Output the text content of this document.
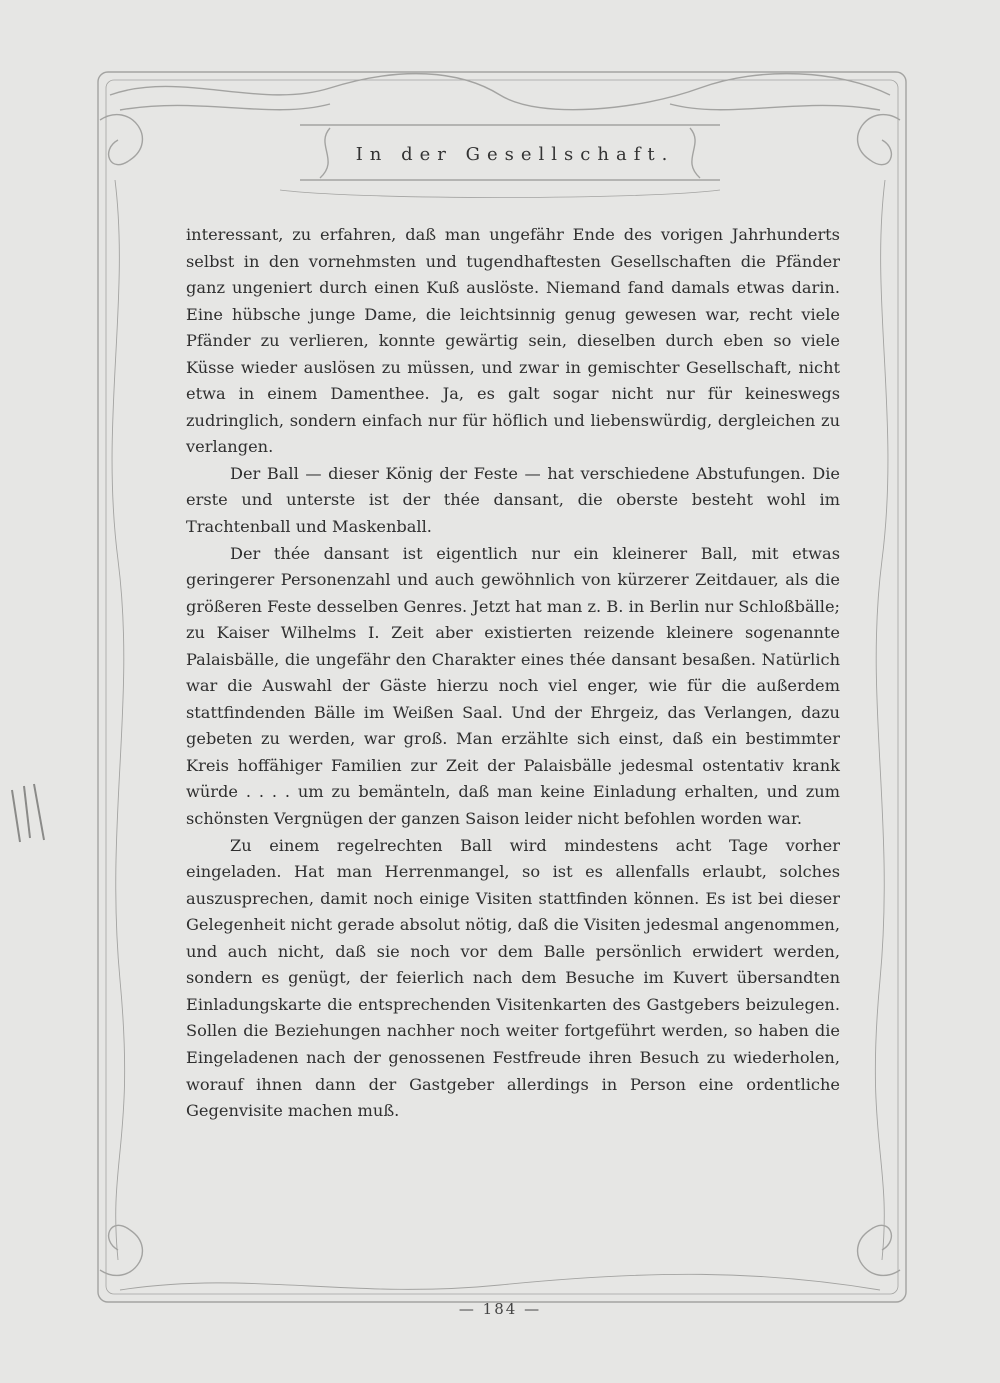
In der Gesellschaft.

interessant, zu erfahren, daß man ungefähr Ende des vorigen Jahrhunderts selbst in den vornehmsten und tugendhaftesten Gesellschaften die Pfänder ganz ungeniert durch einen Kuß auslöste. Niemand fand damals etwas darin. Eine hübsche junge Dame, die leichtsinnig genug gewesen war, recht viele Pfänder zu verlieren, konnte gewärtig sein, dieselben durch eben so viele Küsse wieder auslösen zu müssen, und zwar in gemischter Gesellschaft, nicht etwa in einem Damenthee. Ja, es galt sogar nicht nur für keineswegs zudringlich, sondern einfach nur für höflich und liebenswürdig, dergleichen zu verlangen.

Der Ball — dieser König der Feste — hat verschiedene Abstufungen. Die erste und unterste ist der thée dansant, die oberste besteht wohl im Trachtenball und Maskenball.

Der thée dansant ist eigentlich nur ein kleinerer Ball, mit etwas geringerer Personenzahl und auch gewöhnlich von kürzerer Zeitdauer, als die größeren Feste desselben Genres. Jetzt hat man z. B. in Berlin nur Schloßbälle; zu Kaiser Wilhelms I. Zeit aber existierten reizende kleinere sogenannte Palaisbälle, die ungefähr den Charakter eines thée dansant besaßen. Natürlich war die Auswahl der Gäste hierzu noch viel enger, wie für die außerdem stattfindenden Bälle im Weißen Saal. Und der Ehrgeiz, das Verlangen, dazu gebeten zu werden, war groß. Man erzählte sich einst, daß ein bestimmter Kreis hoffähiger Familien zur Zeit der Palaisbälle jedesmal ostentativ krank würde . . . . um zu bemänteln, daß man keine Einladung erhalten, und zum schönsten Vergnügen der ganzen Saison leider nicht befohlen worden war.

Zu einem regelrechten Ball wird mindestens acht Tage vorher eingeladen. Hat man Herrenmangel, so ist es allenfalls erlaubt, solches auszusprechen, damit noch einige Visiten stattfinden können. Es ist bei dieser Gelegenheit nicht gerade absolut nötig, daß die Visiten jedesmal angenommen, und auch nicht, daß sie noch vor dem Balle persönlich erwidert werden, sondern es genügt, der feierlich nach dem Besuche im Kuvert übersandten Einladungskarte die entsprechenden Visitenkarten des Gastgebers beizulegen. Sollen die Beziehungen nachher noch weiter fortgeführt werden, so haben die Eingeladenen nach der genossenen Festfreude ihren Besuch zu wiederholen, worauf ihnen dann der Gastgeber allerdings in Person eine ordentliche Gegenvisite machen muß.

— 184 —
